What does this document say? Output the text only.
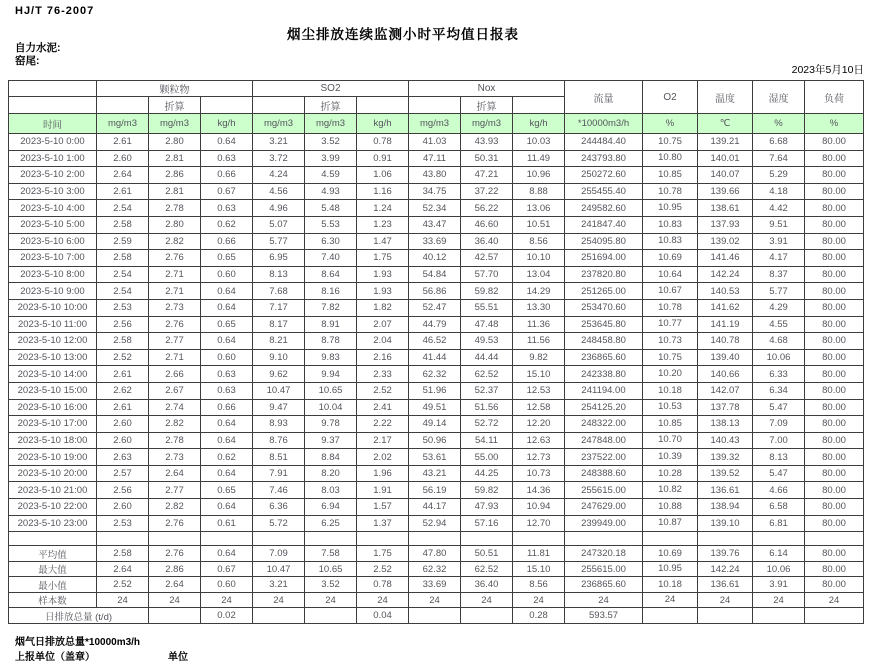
HJ/T 76-2007
烟尘排放连续监测小时平均值日报表
自力水泥:
窑尾:
2023年5月10日
	颗粒物			SO2			Nox			流量	O2	温度	湿度	负荷
		折算			折算			折算						
时间	mg/m3	mg/m3	kg/h	mg/m3	mg/m3	kg/h	mg/m3	mg/m3	kg/h	*10000m3/h	%	℃	%	%
2023-5-10 0:00	2.61	2.80	0.64	3.21	3.52	0.78	41.03	43.93	10.03	244484.40	10.75	139.21	6.68	80.00
2023-5-10 1:00	2.60	2.81	0.63	3.72	3.99	0.91	47.11	50.31	11.49	243793.80	10.80	140.01	7.64	80.00
2023-5-10 2:00	2.64	2.86	0.66	4.24	4.59	1.06	43.80	47.21	10.96	250272.60	10.85	140.07	5.29	80.00
2023-5-10 3:00	2.61	2.81	0.67	4.56	4.93	1.16	34.75	37.22	8.88	255455.40	10.78	139.66	4.18	80.00
2023-5-10 4:00	2.54	2.78	0.63	4.96	5.48	1.24	52.34	56.22	13.06	249582.60	10.95	138.61	4.42	80.00
2023-5-10 5:00	2.58	2.80	0.62	5.07	5.53	1.23	43.47	46.60	10.51	241847.40	10.83	137.93	9.51	80.00
2023-5-10 6:00	2.59	2.82	0.66	5.77	6.30	1.47	33.69	36.40	8.56	254095.80	10.83	139.02	3.91	80.00
2023-5-10 7:00	2.58	2.76	0.65	6.95	7.40	1.75	40.12	42.57	10.10	251694.00	10.69	141.46	4.17	80.00
2023-5-10 8:00	2.54	2.71	0.60	8.13	8.64	1.93	54.84	57.70	13.04	237820.80	10.64	142.24	8.37	80.00
2023-5-10 9:00	2.54	2.71	0.64	7.68	8.16	1.93	56.86	59.82	14.29	251265.00	10.67	140.53	5.77	80.00
2023-5-10 10:00	2.53	2.73	0.64	7.17	7.82	1.82	52.47	55.51	13.30	253470.60	10.78	141.62	4.29	80.00
2023-5-10 11:00	2.56	2.76	0.65	8.17	8.91	2.07	44.79	47.48	11.36	253645.80	10.77	141.19	4.55	80.00
2023-5-10 12:00	2.58	2.77	0.64	8.21	8.78	2.04	46.52	49.53	11.56	248458.80	10.73	140.78	4.68	80.00
2023-5-10 13:00	2.52	2.71	0.60	9.10	9.83	2.16	41.44	44.44	9.82	236865.60	10.75	139.40	10.06	80.00
2023-5-10 14:00	2.61	2.66	0.63	9.62	9.94	2.33	62.32	62.52	15.10	242338.80	10.20	140.66	6.33	80.00
2023-5-10 15:00	2.62	2.67	0.63	10.47	10.65	2.52	51.96	52.37	12.53	241194.00	10.18	142.07	6.34	80.00
2023-5-10 16:00	2.61	2.74	0.66	9.47	10.04	2.41	49.51	51.56	12.58	254125.20	10.53	137.78	5.47	80.00
2023-5-10 17:00	2.60	2.82	0.64	8.93	9.78	2.22	49.14	52.72	12.20	248322.00	10.85	138.13	7.09	80.00
2023-5-10 18:00	2.60	2.78	0.64	8.76	9.37	2.17	50.96	54.11	12.63	247848.00	10.70	140.43	7.00	80.00
2023-5-10 19:00	2.63	2.73	0.62	8.51	8.84	2.02	53.61	55.00	12.73	237522.00	10.39	139.32	8.13	80.00
2023-5-10 20:00	2.57	2.64	0.64	7.91	8.20	1.96	43.21	44.25	10.73	248388.60	10.28	139.52	5.47	80.00
2023-5-10 21:00	2.56	2.77	0.65	7.46	8.03	1.91	56.19	59.82	14.36	255615.00	10.82	136.61	4.66	80.00
2023-5-10 22:00	2.60	2.82	0.64	6.36	6.94	1.57	44.17	47.93	10.94	247629.00	10.88	138.94	6.58	80.00
2023-5-10 23:00	2.53	2.76	0.61	5.72	6.25	1.37	52.94	57.16	12.70	239949.00	10.87	139.10	6.81	80.00

平均值	2.58	2.76	0.64	7.09	7.58	1.75	47.80	50.51	11.81	247320.18	10.69	139.76	6.14	80.00
最大值	2.64	2.86	0.67	10.47	10.65	2.52	62.32	62.52	15.10	255615.00	10.95	142.24	10.06	80.00
最小值	2.52	2.64	0.60	3.21	3.52	0.78	33.69	36.40	8.56	236865.60	10.18	136.61	3.91	80.00
样本数	24	24	24	24	24	24	24	24	24	24	24	24	24	24
日排放总量 (t/d)			0.02			0.04			0.28	593.57				
烟气日排放总量*10000m3/h
上报单位（盖章）	单位
